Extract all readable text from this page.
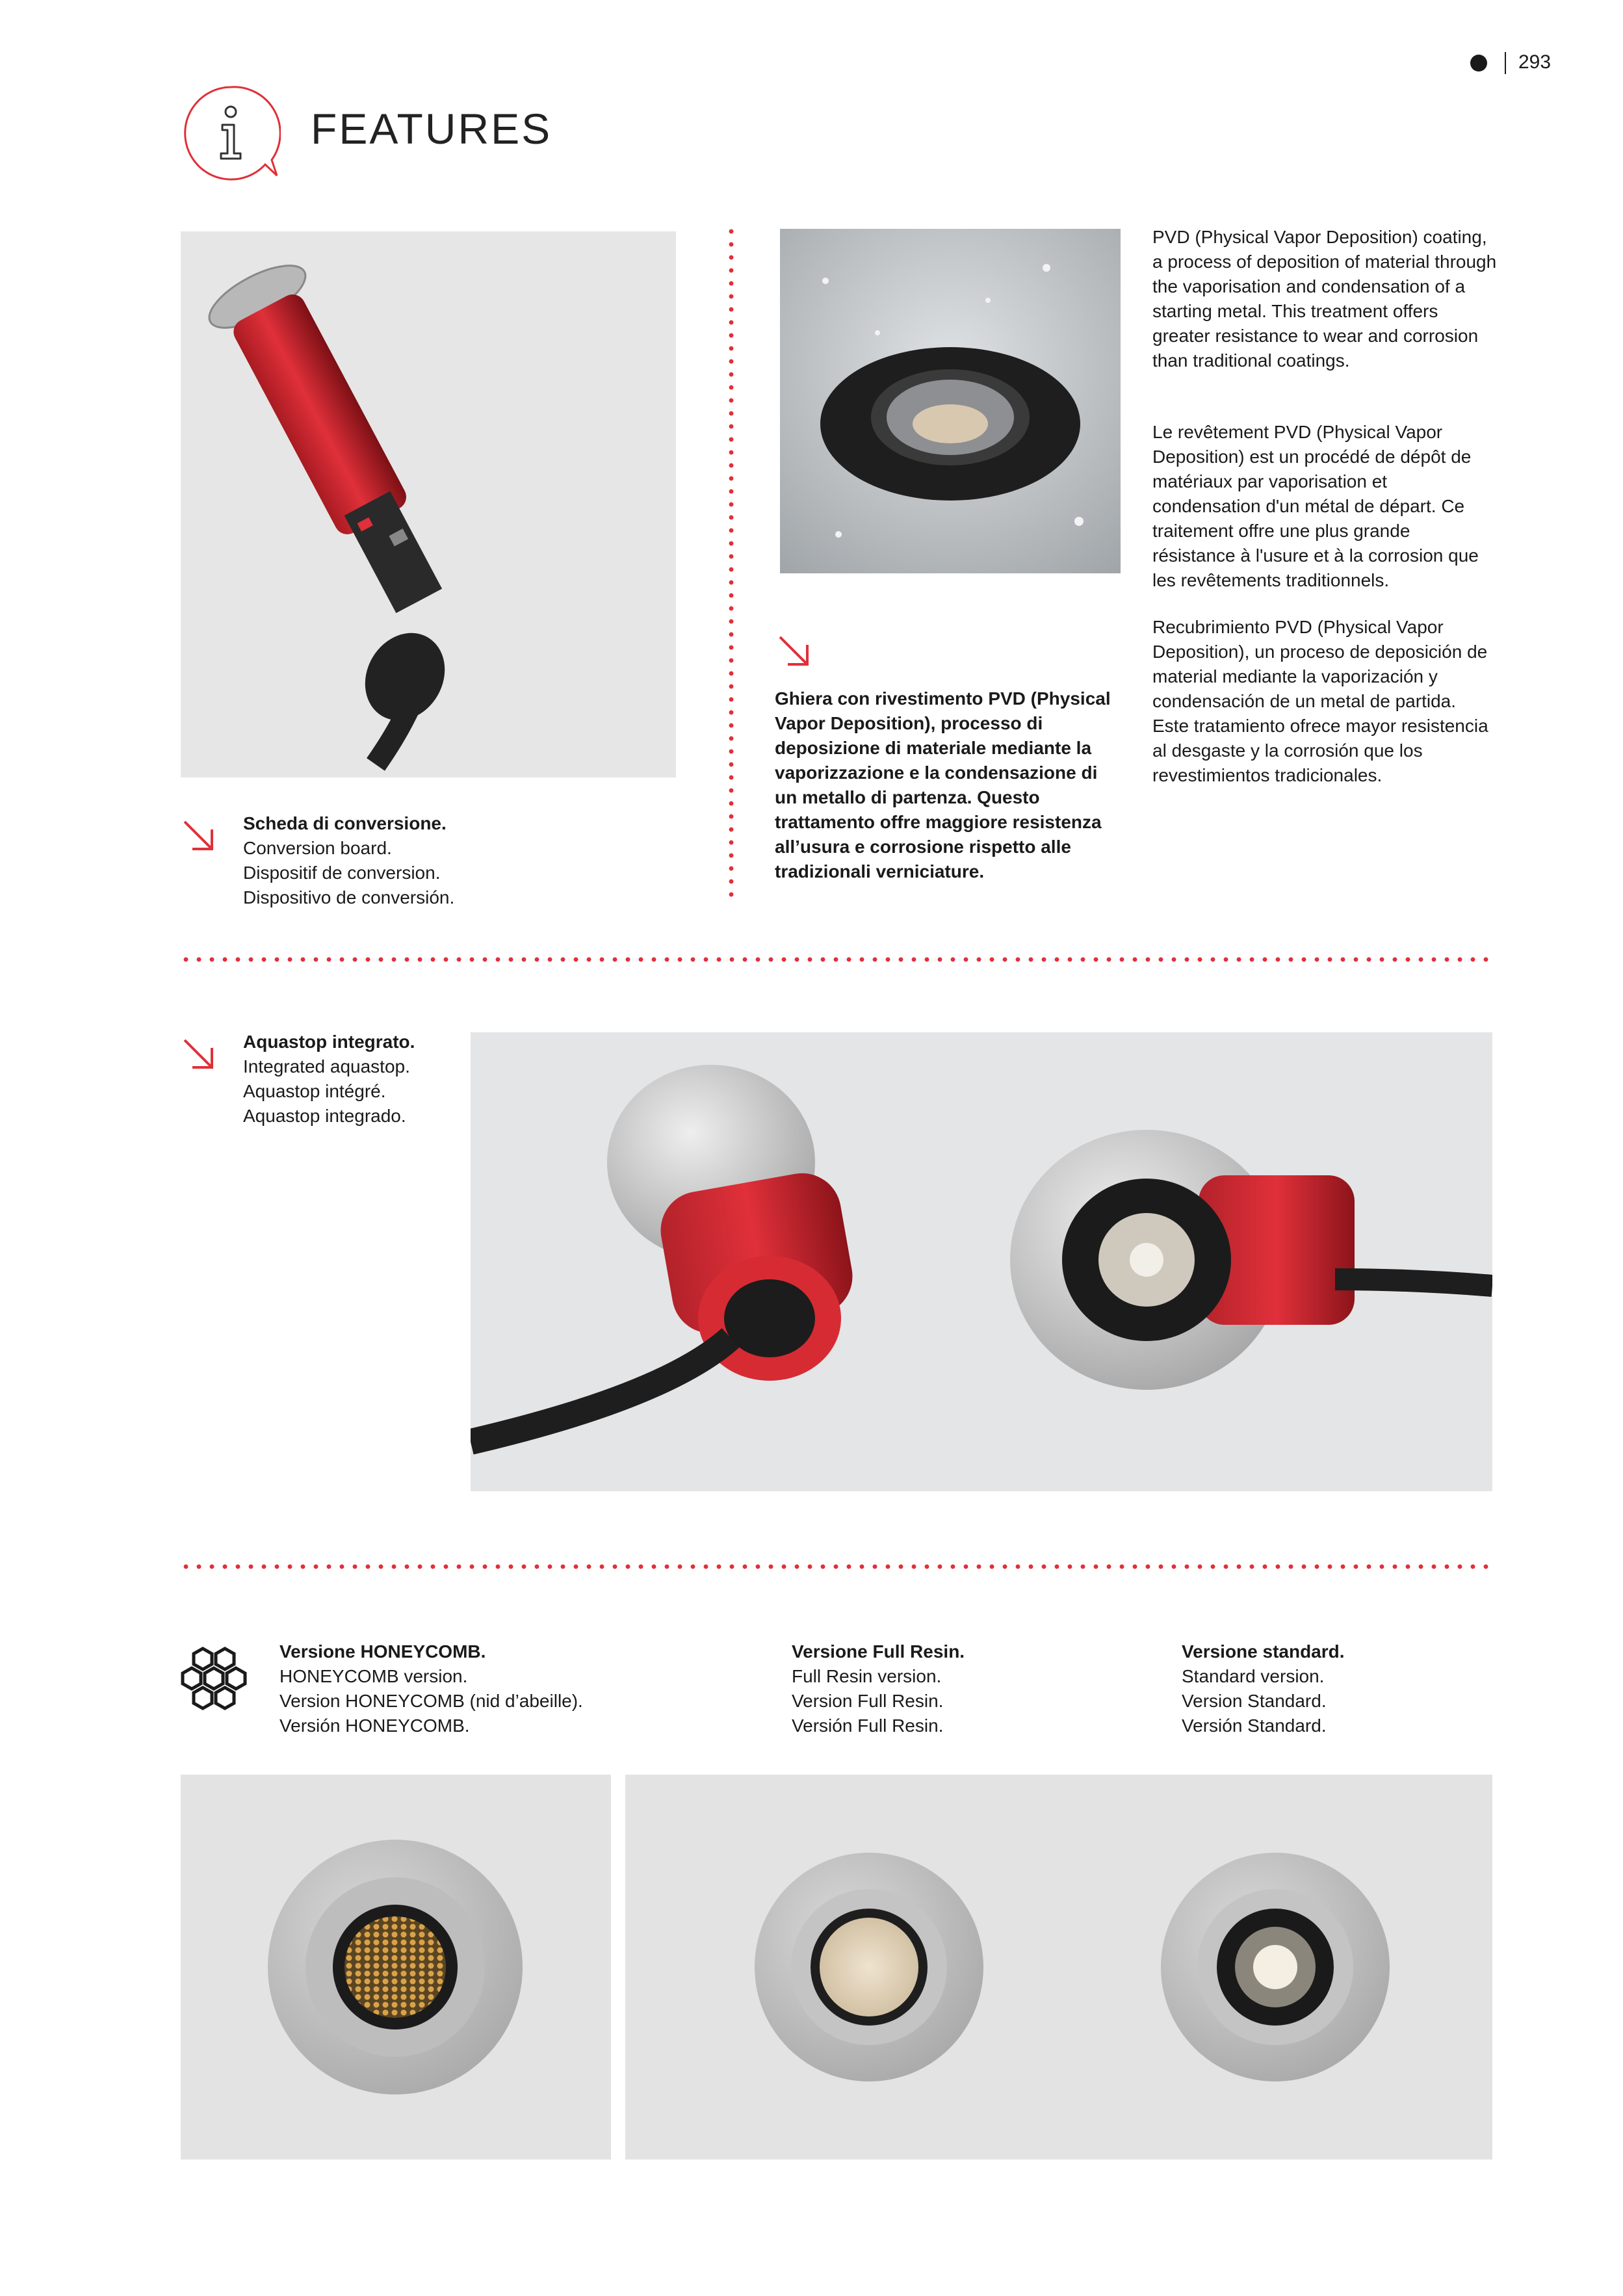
293
FEATURES
Scheda di conversione.
Conversion board.
Dispositif de conversion.
Dispositivo de conversión.
Ghiera con rivestimento PVD (Physical Vapor Deposition), processo di deposizione di materiale mediante la vaporizzazione e la condensazione di un metallo di partenza. Questo trattamento offre maggiore resistenza all’usura e corrosione rispetto alle tradizionali verniciature.
PVD (Physical Vapor Deposition) coating, a process of deposition of material through the vaporisation and condensation of a starting metal. This treatment offers greater resistance to wear and corrosion than traditional coatings.
Le revêtement PVD (Physical Vapor Deposition) est un procédé de dépôt de matériaux par vaporisation et condensation d'un métal de départ. Ce traitement offre une plus grande résistance à l'usure et à la corrosion que les revêtements traditionnels.
Recubrimiento PVD (Physical Vapor Deposition), un proceso de deposición de material mediante la vaporización y condensación de un metal de partida. Este tratamiento ofrece mayor resistencia al desgaste y la corrosión que los revestimientos tradicionales.
Aquastop integrato.
Integrated aquastop.
Aquastop intégré.
Aquastop integrado.
Versione HONEYCOMB.
HONEYCOMB version.
Version HONEYCOMB (nid d’abeille).
Versión HONEYCOMB.
Versione Full Resin.
Full Resin version.
Version Full Resin.
Versión Full Resin.
Versione standard.
Standard version.
Version Standard.
Versión Standard.
